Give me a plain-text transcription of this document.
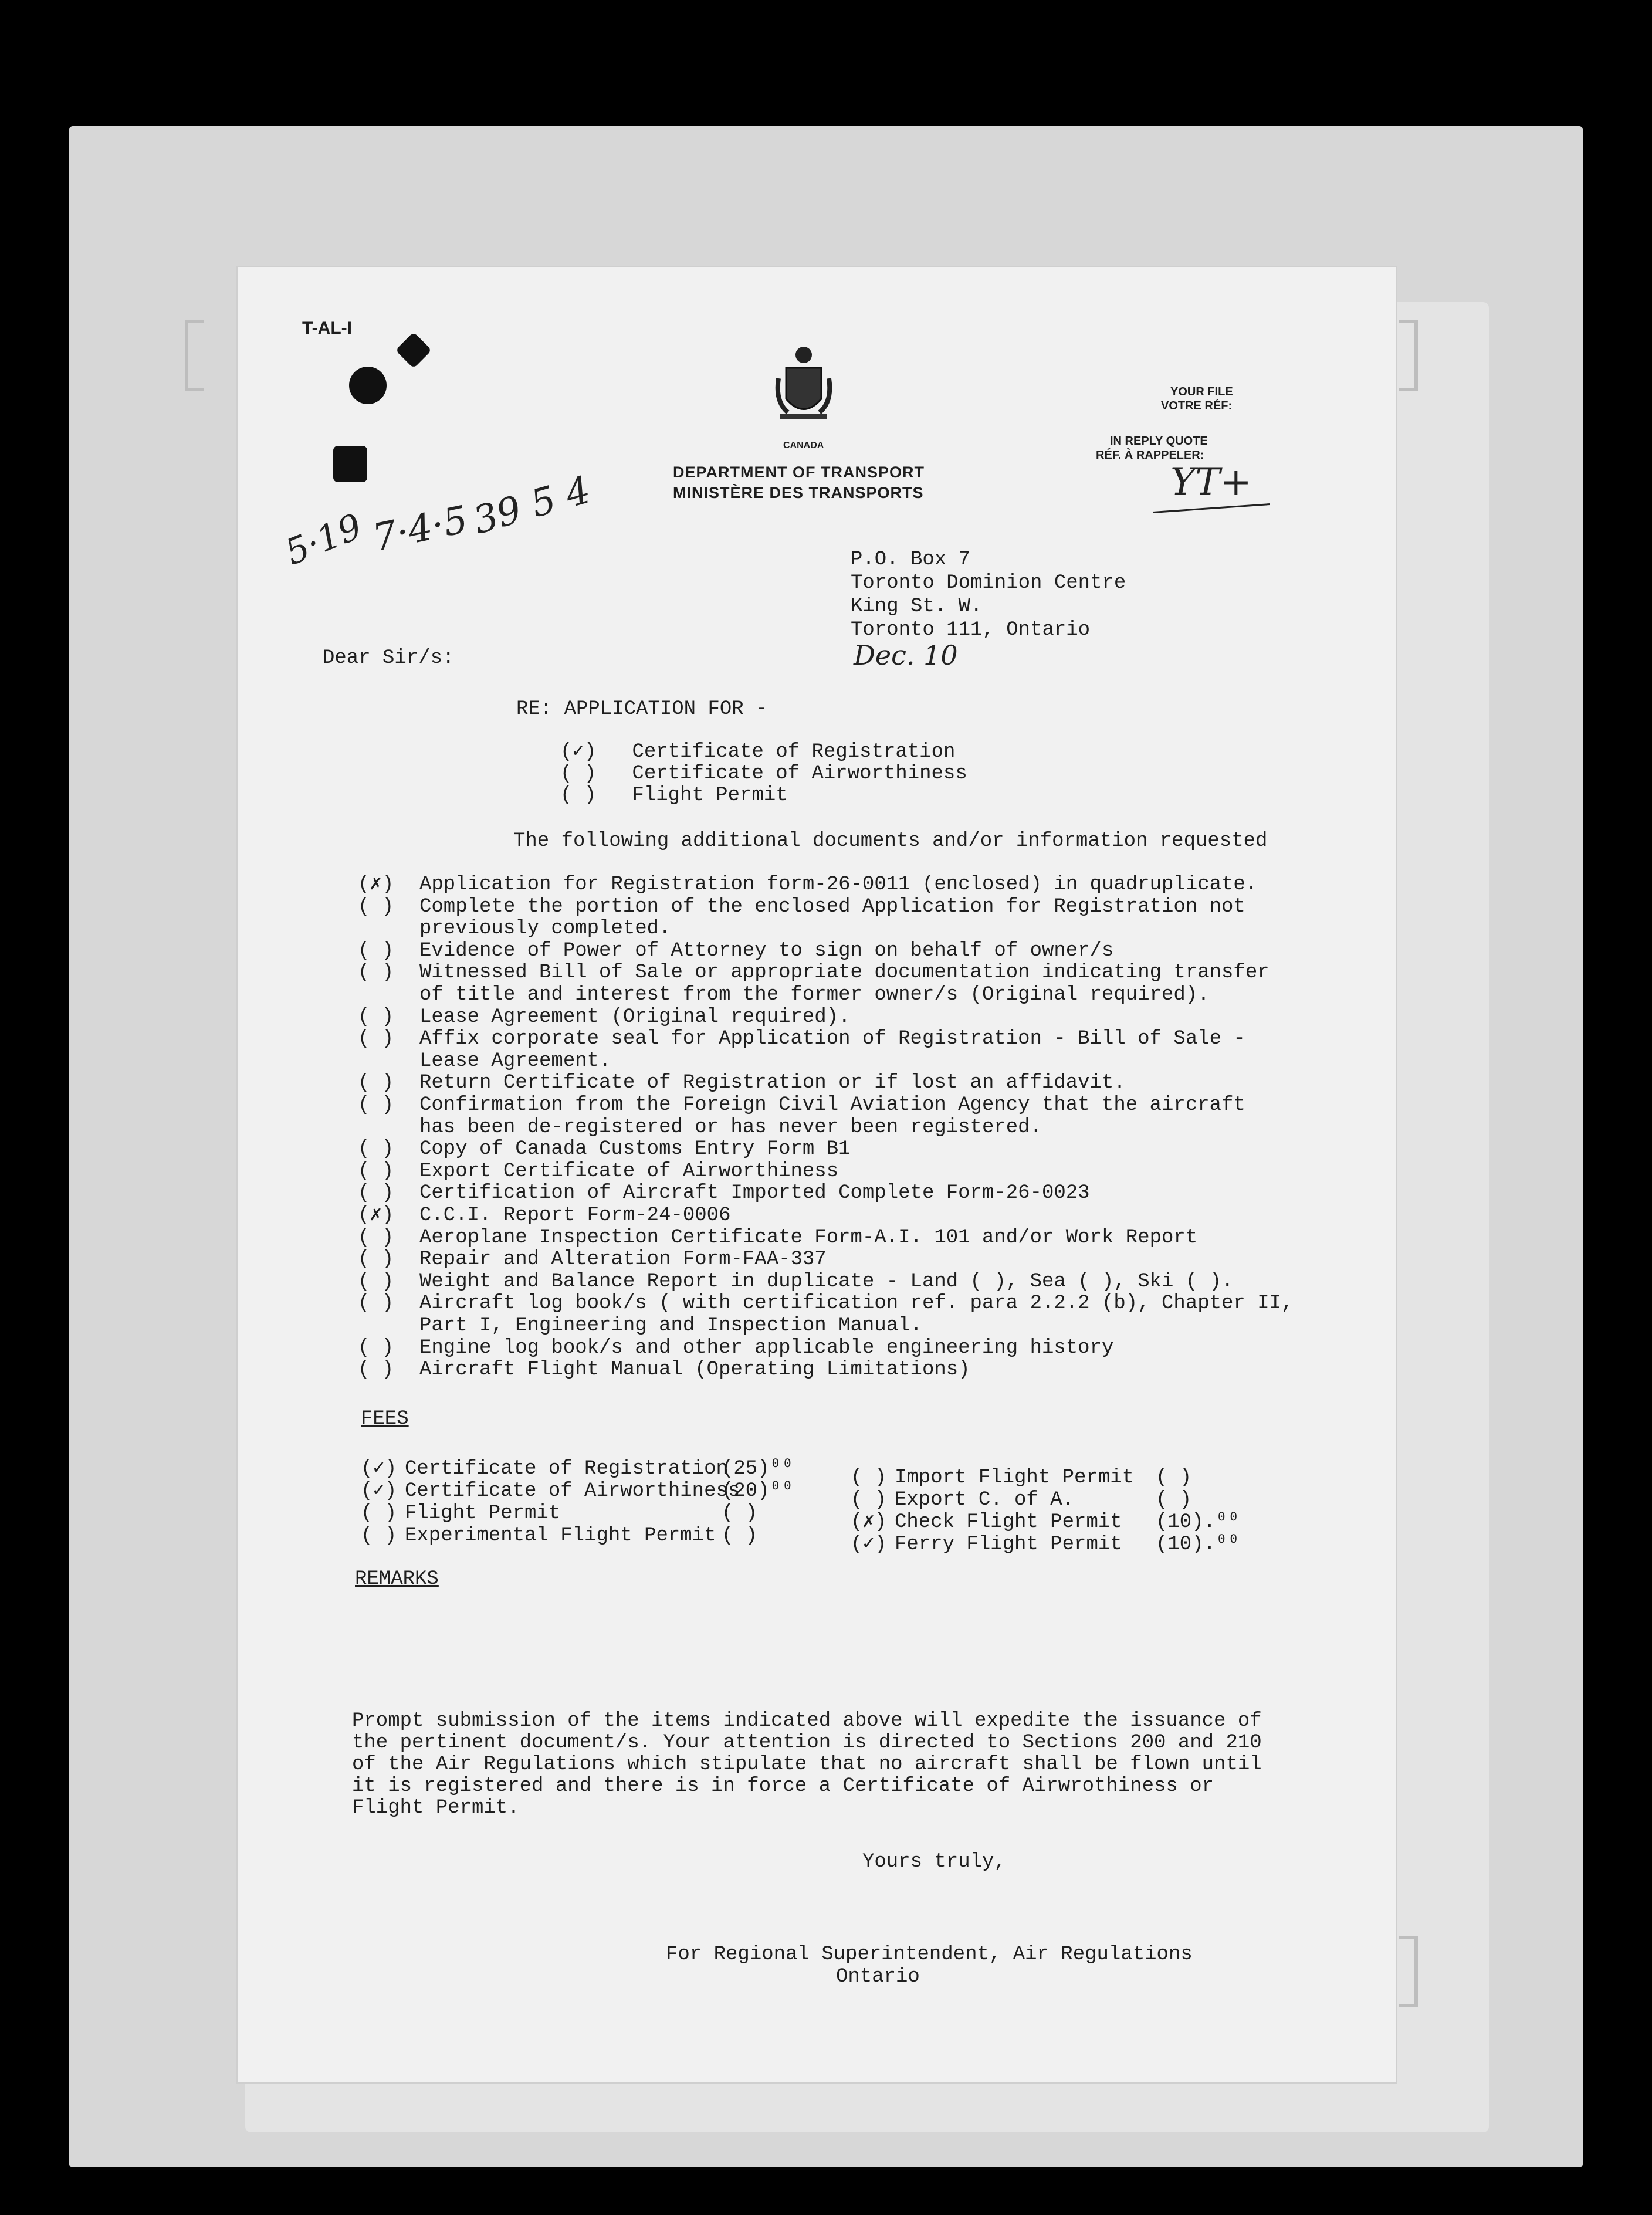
T-AL-I
CANADA
DEPARTMENT OF TRANSPORT
MINISTÈRE DES TRANSPORTS
YOUR FILE
VOTRE RÉF:
IN REPLY QUOTE
RÉF. À RAPPELER:
YT+
5·19 7·4·5
39 5 4
P.O. Box 7
Toronto Dominion Centre
King St. W.
Toronto 111, Ontario
Dec. 10
Dear Sir/s:
RE: APPLICATION FOR -
(✓) Certificate of Registration
( ) Certificate of Airworthiness
( ) Flight Permit
The following additional documents and/or information requested
(✗) Application for Registration form-26-0011 (enclosed) in quadruplicate.
( ) Complete the portion of the enclosed Application for Registration not
previously completed.
( ) Evidence of Power of Attorney to sign on behalf of owner/s
( ) Witnessed Bill of Sale or appropriate documentation indicating transfer
of title and interest from the former owner/s (Original required).
( ) Lease Agreement (Original required).
( ) Affix corporate seal for Application of Registration - Bill of Sale -
Lease Agreement.
( ) Return Certificate of Registration or if lost an affidavit.
( ) Confirmation from the Foreign Civil Aviation Agency that the aircraft
has been de-registered or has never been registered.
( ) Copy of Canada Customs Entry Form B1
( ) Export Certificate of Airworthiness
( ) Certification of Aircraft Imported Complete Form-26-0023
(✗) C.C.I. Report Form-24-0006
( ) Aeroplane Inspection Certificate Form-A.I. 101 and/or Work Report
( ) Repair and Alteration Form-FAA-337
( ) Weight and Balance Report in duplicate - Land ( ), Sea ( ), Ski ( ).
( ) Aircraft log book/s ( with certification ref. para 2.2.2 (b), Chapter II,
Part I, Engineering and Inspection Manual.
( ) Engine log book/s and other applicable engineering history
( ) Aircraft Flight Manual (Operating Limitations)
FEES
(✓) Certificate of Registration
(25)⁰⁰
(✓) Certificate of Airworthiness
(20)⁰⁰
( ) Flight Permit	( )
( ) Experimental Flight Permit ( )
( ) Import Flight Permit ( )
( ) Export C. of A.	( )
(✗) Check Flight Permit (10).⁰⁰
(✓) Ferry Flight Permit (10).⁰⁰
REMARKS
Prompt submission of the items indicated above will expedite the issuance of
the pertinent document/s. Your attention is directed to Sections 200 and 210
of the Air Regulations which stipulate that no aircraft shall be flown until
it is registered and there is in force a Certificate of Airwrothiness or
Flight Permit.
Yours truly,
For Regional Superintendent, Air Regulations
Ontario
